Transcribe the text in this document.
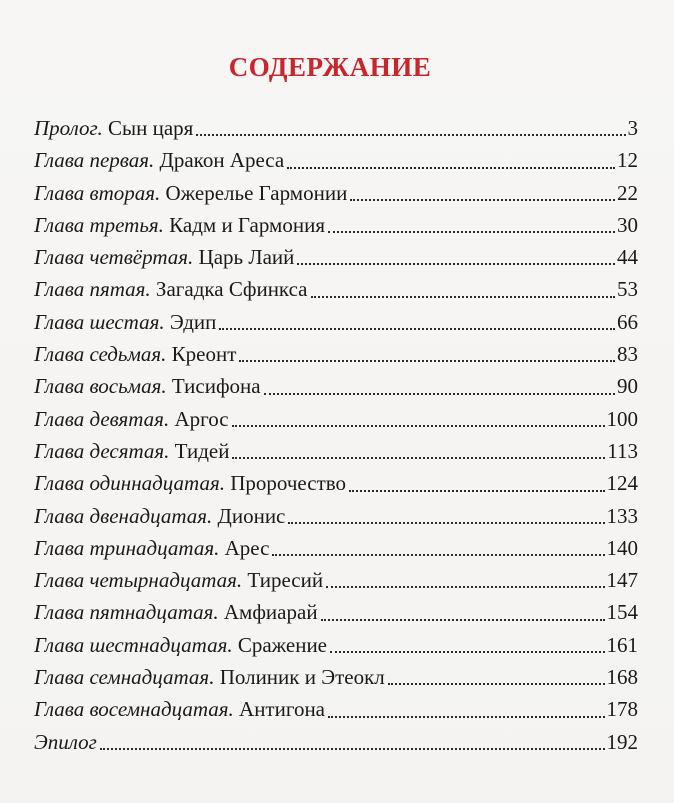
СОДЕРЖАНИЕ
Пролог. Сын царя	3
Глава первая. Дракон Ареса	12
Глава вторая. Ожерелье Гармонии	22
Глава третья. Кадм и Гармония	30
Глава четвёртая. Царь Лаий	44
Глава пятая. Загадка Сфинкса	53
Глава шестая. Эдип	66
Глава седьмая. Креонт	83
Глава восьмая. Тисифона	90
Глава девятая. Аргос	100
Глава десятая. Тидей	113
Глава одиннадцатая. Пророчество	124
Глава двенадцатая. Дионис	133
Глава тринадцатая. Арес	140
Глава четырнадцатая. Тиресий	147
Глава пятнадцатая. Амфиарай	154
Глава шестнадцатая. Сражение	161
Глава семнадцатая. Полиник и Этеокл	168
Глава восемнадцатая. Антигона	178
Эпилог	192
